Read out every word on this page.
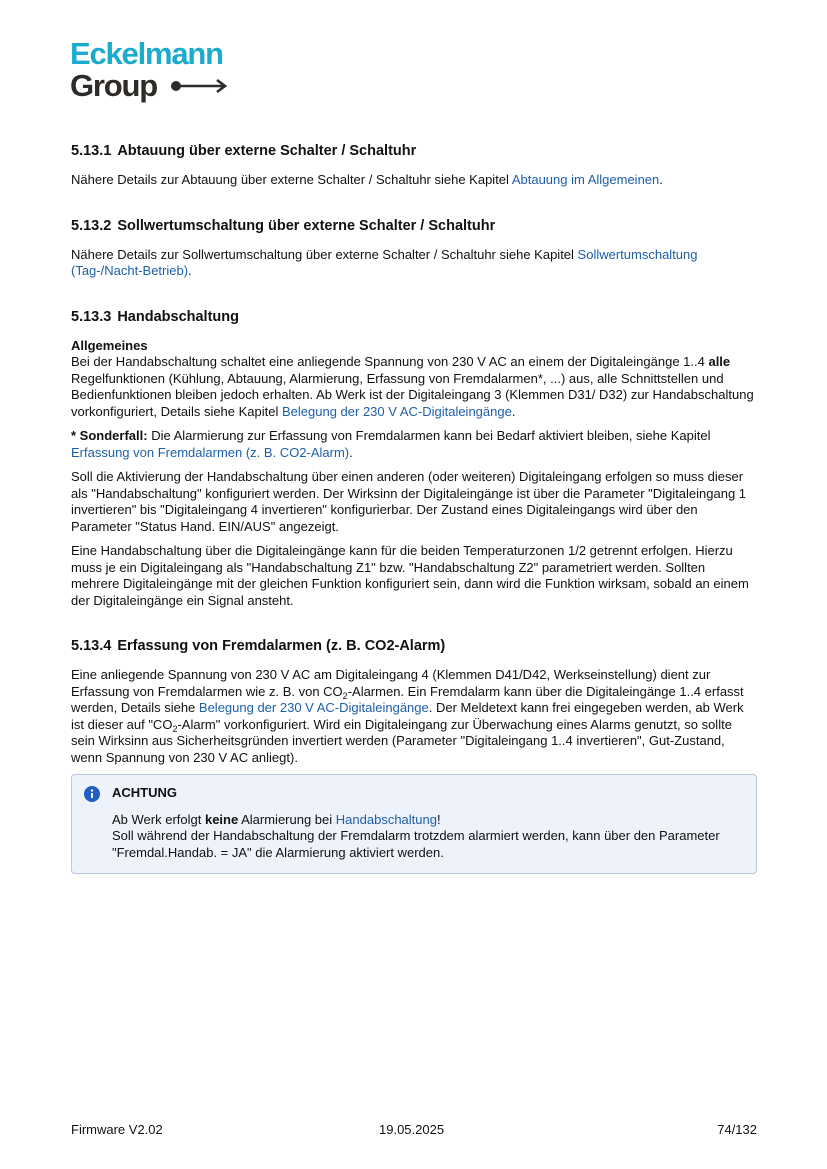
Eckelmann
Group
5.13.1 Abtauung über externe Schalter / Schaltuhr

Nähere Details zur Abtauung über externe Schalter / Schaltuhr siehe Kapitel Abtauung im Allgemeinen.

5.13.2 Sollwertumschaltung über externe Schalter / Schaltuhr

Nähere Details zur Sollwertumschaltung über externe Schalter / Schaltuhr siehe Kapitel Sollwertumschaltung (Tag-/Nacht-Betrieb).

5.13.3 Handabschaltung

Allgemeines
Bei der Handabschaltung schaltet eine anliegende Spannung von 230 V AC an einem der Digitaleingänge 1..4 alle Regelfunktionen (Kühlung, Abtauung, Alarmierung, Erfassung von Fremdalarmen*, ...) aus, alle Schnittstellen und Bedienfunktionen bleiben jedoch erhalten. Ab Werk ist der Digitaleingang 3 (Klemmen D31/ D32) zur Handabschaltung vorkonfiguriert, Details siehe Kapitel Belegung der 230 V AC-Digitaleingänge.

* Sonderfall: Die Alarmierung zur Erfassung von Fremdalarmen kann bei Bedarf aktiviert bleiben, siehe Kapitel Erfassung von Fremdalarmen (z. B. CO2-Alarm).

Soll die Aktivierung der Handabschaltung über einen anderen (oder weiteren) Digitaleingang erfolgen so muss dieser als "Handabschaltung" konfiguriert werden. Der Wirksinn der Digitaleingänge ist über die Parameter "Digitaleingang 1 invertieren" bis "Digitaleingang 4 invertieren" konfigurierbar. Der Zustand eines Digitaleingangs wird über den Parameter "Status Hand. EIN/AUS" angezeigt.

Eine Handabschaltung über die Digitaleingänge kann für die beiden Temperaturzonen 1/2 getrennt erfolgen. Hierzu muss je ein Digitaleingang als "Handabschaltung Z1" bzw. "Handabschaltung Z2" parametriert werden. Sollten mehrere Digitaleingänge mit der gleichen Funktion konfiguriert sein, dann wird die Funktion wirksam, sobald an einem der Digitaleingänge ein Signal ansteht.

5.13.4 Erfassung von Fremdalarmen (z. B. CO2-Alarm)

Eine anliegende Spannung von 230 V AC am Digitaleingang 4 (Klemmen D41/D42, Werkseinstellung) dient zur Erfassung von Fremdalarmen wie z. B. von $CO_2$-Alarmen. Ein Fremdalarm kann über die Digitaleingänge 1..4 erfasst werden, Details siehe Belegung der 230 V AC-Digitaleingänge. Der Meldetext kann frei eingegeben werden, ab Werk ist dieser auf "$CO_2$-Alarm" vorkonfiguriert. Wird ein Digitaleingang zur Überwachung eines Alarms genutzt, so sollte sein Wirksinn aus Sicherheitsgründen invertiert werden (Parameter "Digitaleingang 1..4 invertieren", Gut-Zustand, wenn Spannung von 230 V AC anliegt).

ACHTUNG
Ab Werk erfolgt keine Alarmierung bei Handabschaltung!
Soll während der Handabschaltung der Fremdalarm trotzdem alarmiert werden, kann über den Parameter "Fremdal.Handab. = JA" die Alarmierung aktiviert werden.
Firmware V2.02	19.05.2025	74/132
